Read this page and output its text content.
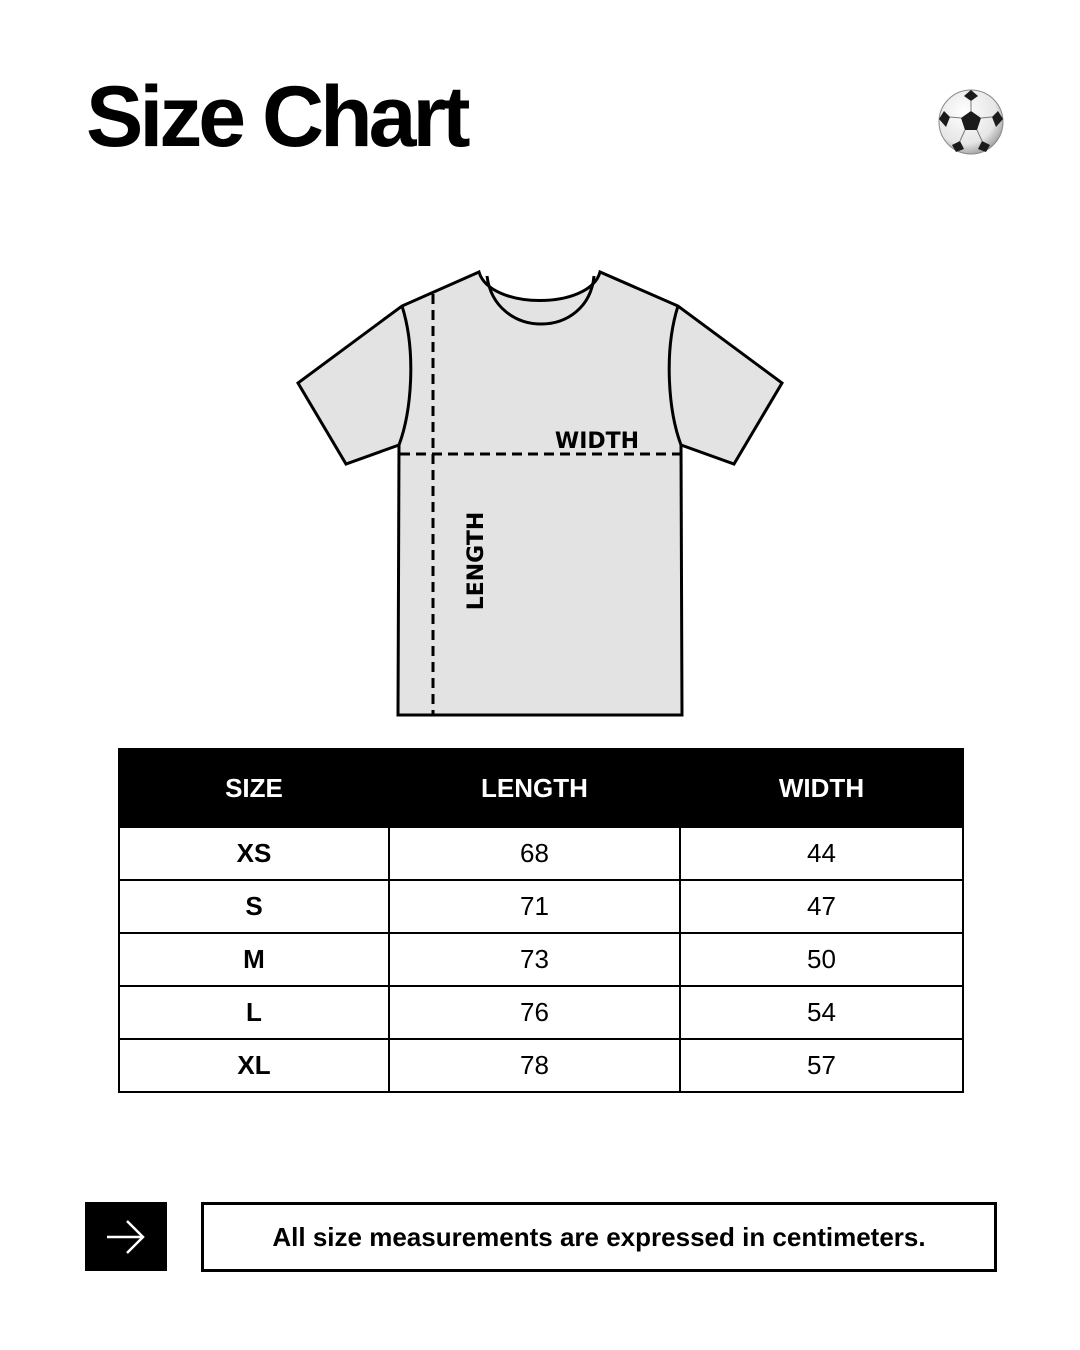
Size Chart
WIDTH
LENGTH
SIZE	LENGTH	WIDTH
XS	68	44
S	71	47
M	73	50
L	76	54
XL	78	57
All size measurements are expressed in centimeters.
